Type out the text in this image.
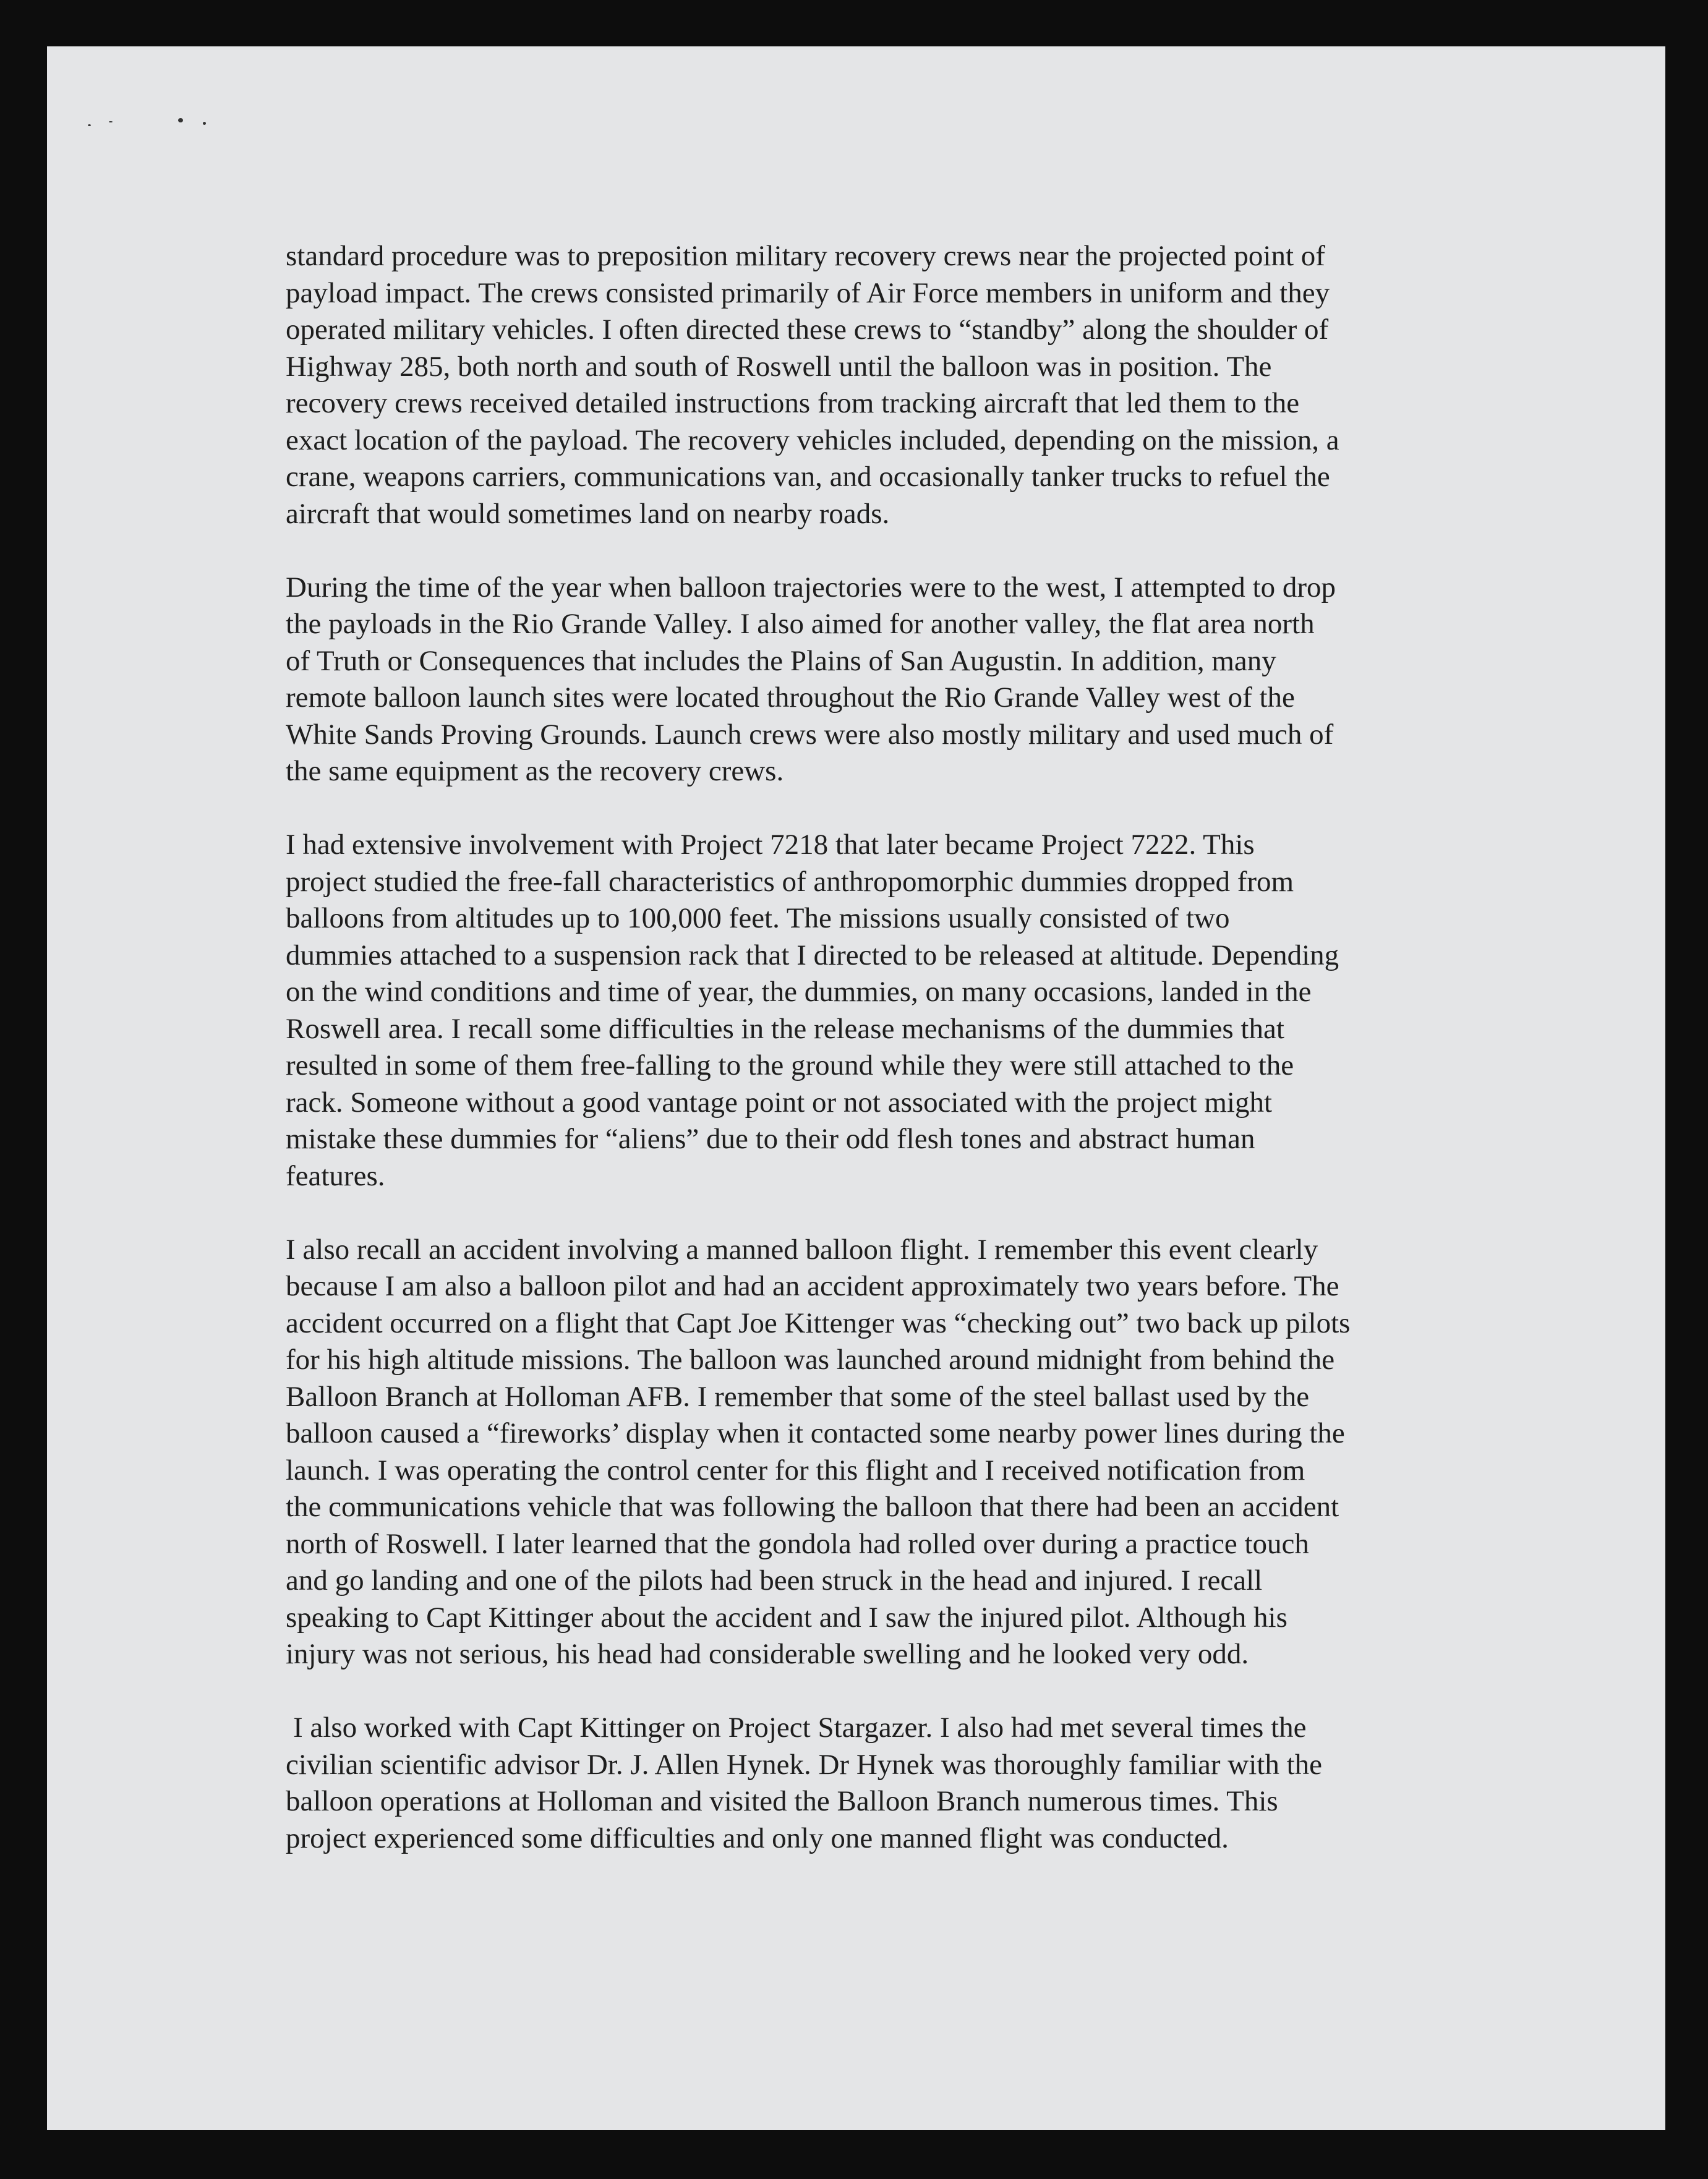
standard procedure was to preposition military recovery crews near the projected point of
payload impact. The crews consisted primarily of Air Force members in uniform and they
operated military vehicles. I often directed these crews to “standby” along the shoulder of
Highway 285, both north and south of Roswell until the balloon was in position. The
recovery crews received detailed instructions from tracking aircraft that led them to the
exact location of the payload. The recovery vehicles included, depending on the mission, a
crane, weapons carriers, communications van, and occasionally tanker trucks to refuel the
aircraft that would sometimes land on nearby roads.
During the time of the year when balloon trajectories were to the west, I attempted to drop
the payloads in the Rio Grande Valley. I also aimed for another valley, the flat area north
of Truth or Consequences that includes the Plains of San Augustin. In addition, many
remote balloon launch sites were located throughout the Rio Grande Valley west of the
White Sands Proving Grounds. Launch crews were also mostly military and used much of
the same equipment as the recovery crews.
I had extensive involvement with Project 7218 that later became Project 7222. This
project studied the free-fall characteristics of anthropomorphic dummies dropped from
balloons from altitudes up to 100,000 feet. The missions usually consisted of two
dummies attached to a suspension rack that I directed to be released at altitude. Depending
on the wind conditions and time of year, the dummies, on many occasions, landed in the
Roswell area. I recall some difficulties in the release mechanisms of the dummies that
resulted in some of them free-falling to the ground while they were still attached to the
rack. Someone without a good vantage point or not associated with the project might
mistake these dummies for “aliens” due to their odd flesh tones and abstract human
features.
I also recall an accident involving a manned balloon flight. I remember this event clearly
because I am also a balloon pilot and had an accident approximately two years before. The
accident occurred on a flight that Capt Joe Kittenger was “checking out” two back up pilots
for his high altitude missions. The balloon was launched around midnight from behind the
Balloon Branch at Holloman AFB. I remember that some of the steel ballast used by the
balloon caused a “fireworks’ display when it contacted some nearby power lines during the
launch. I was operating the control center for this flight and I received notification from
the communications vehicle that was following the balloon that there had been an accident
north of Roswell. I later learned that the gondola had rolled over during a practice touch
and go landing and one of the pilots had been struck in the head and injured. I recall
speaking to Capt Kittinger about the accident and I saw the injured pilot. Although his
injury was not serious, his head had considerable swelling and he looked very odd.
I also worked with Capt Kittinger on Project Stargazer. I also had met several times the
civilian scientific advisor Dr. J. Allen Hynek. Dr Hynek was thoroughly familiar with the
balloon operations at Holloman and visited the Balloon Branch numerous times. This
project experienced some difficulties and only one manned flight was conducted.
